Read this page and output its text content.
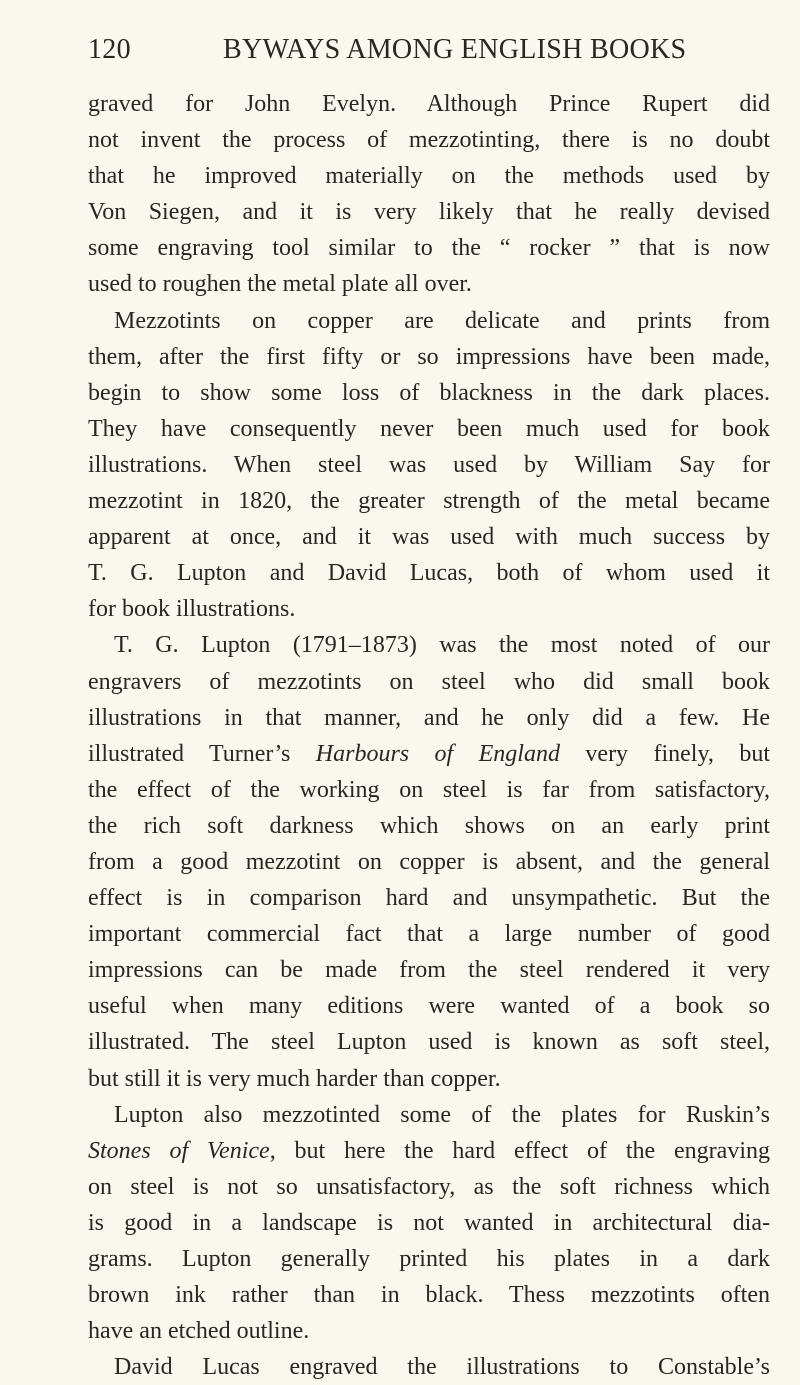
120	BYWAYS AMONG ENGLISH BOOKS
graved for John Evelyn. Although Prince Rupert did
not invent the process of mezzotinting, there is no doubt
that he improved materially on the methods used by
Von Siegen, and it is very likely that he really devised
some engraving tool similar to the “ rocker ” that is now
used to roughen the metal plate all over.
Mezzotints on copper are delicate and prints from
them, after the first fifty or so impressions have been made,
begin to show some loss of blackness in the dark places.
They have consequently never been much used for book
illustrations. When steel was used by William Say for
mezzotint in 1820, the greater strength of the metal became
apparent at once, and it was used with much success by
T. G. Lupton and David Lucas, both of whom used it
for book illustrations.
T. G. Lupton (1791–1873) was the most noted of our
engravers of mezzotints on steel who did small book
illustrations in that manner, and he only did a few. He
illustrated Turner’s Harbours of England very finely, but
the effect of the working on steel is far from satisfactory,
the rich soft darkness which shows on an early print
from a good mezzotint on copper is absent, and the general
effect is in comparison hard and unsympathetic. But the
important commercial fact that a large number of good
impressions can be made from the steel rendered it very
useful when many editions were wanted of a book so
illustrated. The steel Lupton used is known as soft steel,
but still it is very much harder than copper.
Lupton also mezzotinted some of the plates for Ruskin’s
Stones of Venice, but here the hard effect of the engraving
on steel is not so unsatisfactory, as the soft richness which
is good in a landscape is not wanted in architectural dia-
grams. Lupton generally printed his plates in a dark
brown ink rather than in black. Thess mezzotints often
have an etched outline.
David Lucas engraved the illustrations to Constable’s
